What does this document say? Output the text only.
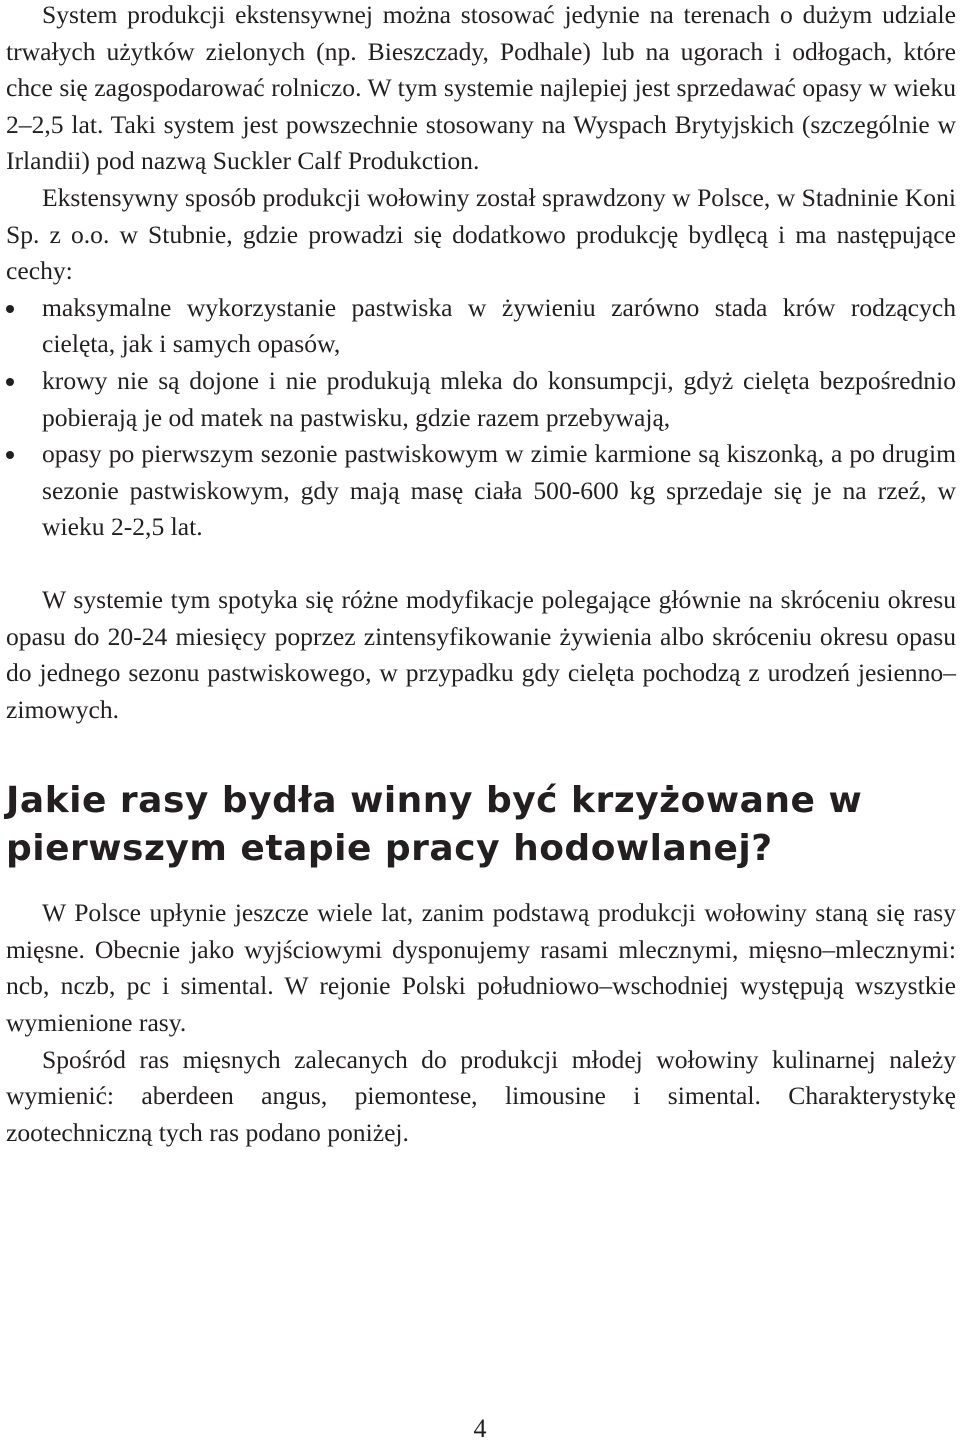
System produkcji ekstensywnej można stosować jedynie na terenach o dużym udziale trwałych użytków zielonych (np. Bieszczady, Podhale) lub na ugorach i odłogach, które chce się zagospodarować rolniczo. W tym systemie najlepiej jest sprzedawać opasy w wieku 2–2,5 lat. Taki system jest powszechnie stosowany na Wyspach Brytyjskich (szczególnie w Irlandii) pod nazwą Suckler Calf Produkction.

Ekstensywny sposób produkcji wołowiny został sprawdzony w Polsce, w Stadninie Koni Sp. z o.o. w Stubnie, gdzie prowadzi się dodatkowo produkcję bydlęcą i ma następujące cechy:

maksymalne wykorzystanie pastwiska w żywieniu zarówno stada krów rodzących cielęta, jak i samych opasów,
krowy nie są dojone i nie produkują mleka do konsumpcji, gdyż cielęta bezpośrednio pobierają je od matek na pastwisku, gdzie razem przebywają,
opasy po pierwszym sezonie pastwiskowym w zimie karmione są kiszonką, a po drugim sezonie pastwiskowym, gdy mają masę ciała 500-600 kg sprzedaje się je na rzeź, w wieku 2-2,5 lat.

W systemie tym spotyka się różne modyfikacje polegające głównie na skróceniu okresu opasu do 20-24 miesięcy poprzez zintensyfikowanie żywienia albo skróceniu okresu opasu do jednego sezonu pastwiskowego, w przypadku gdy cielęta pochodzą z urodzeń jesienno–zimowych.

Jakie rasy bydła winny być krzyżowane w pierwszym etapie pracy hodowlanej?

W Polsce upłynie jeszcze wiele lat, zanim podstawą produkcji wołowiny staną się rasy mięsne. Obecnie jako wyjściowymi dysponujemy rasami mlecznymi, mięsno–mlecznymi: ncb, nczb, pc i simental. W rejonie Polski południowo–wschodniej występują wszystkie wymienione rasy.

Spośród ras mięsnych zalecanych do produkcji młodej wołowiny kulinarnej należy wymienić: aberdeen angus, piemontese, limousine i simental. Charakterystykę zootechniczną tych ras podano poniżej.

4
